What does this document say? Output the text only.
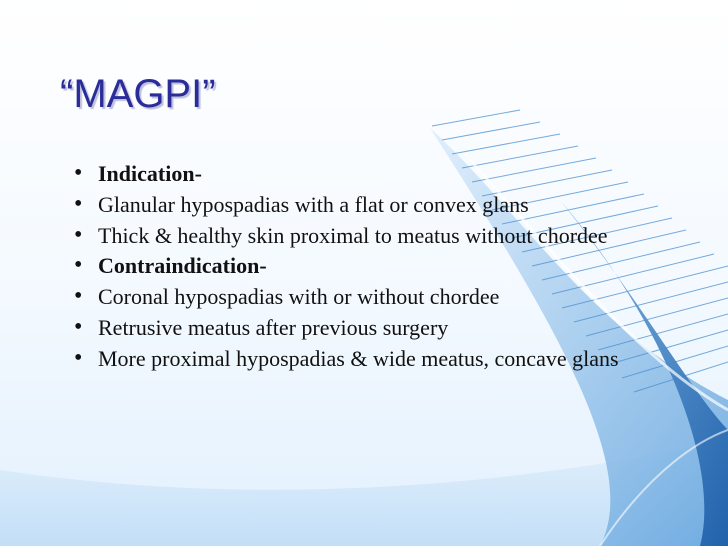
“MAGPI”
• Indication-
• Glanular hypospadias with a flat or convex glans
• Thick & healthy skin proximal to meatus without chordee
• Contraindication-
• Coronal hypospadias with or without chordee
• Retrusive meatus after previous surgery
• More proximal hypospadias & wide meatus, concave glans
